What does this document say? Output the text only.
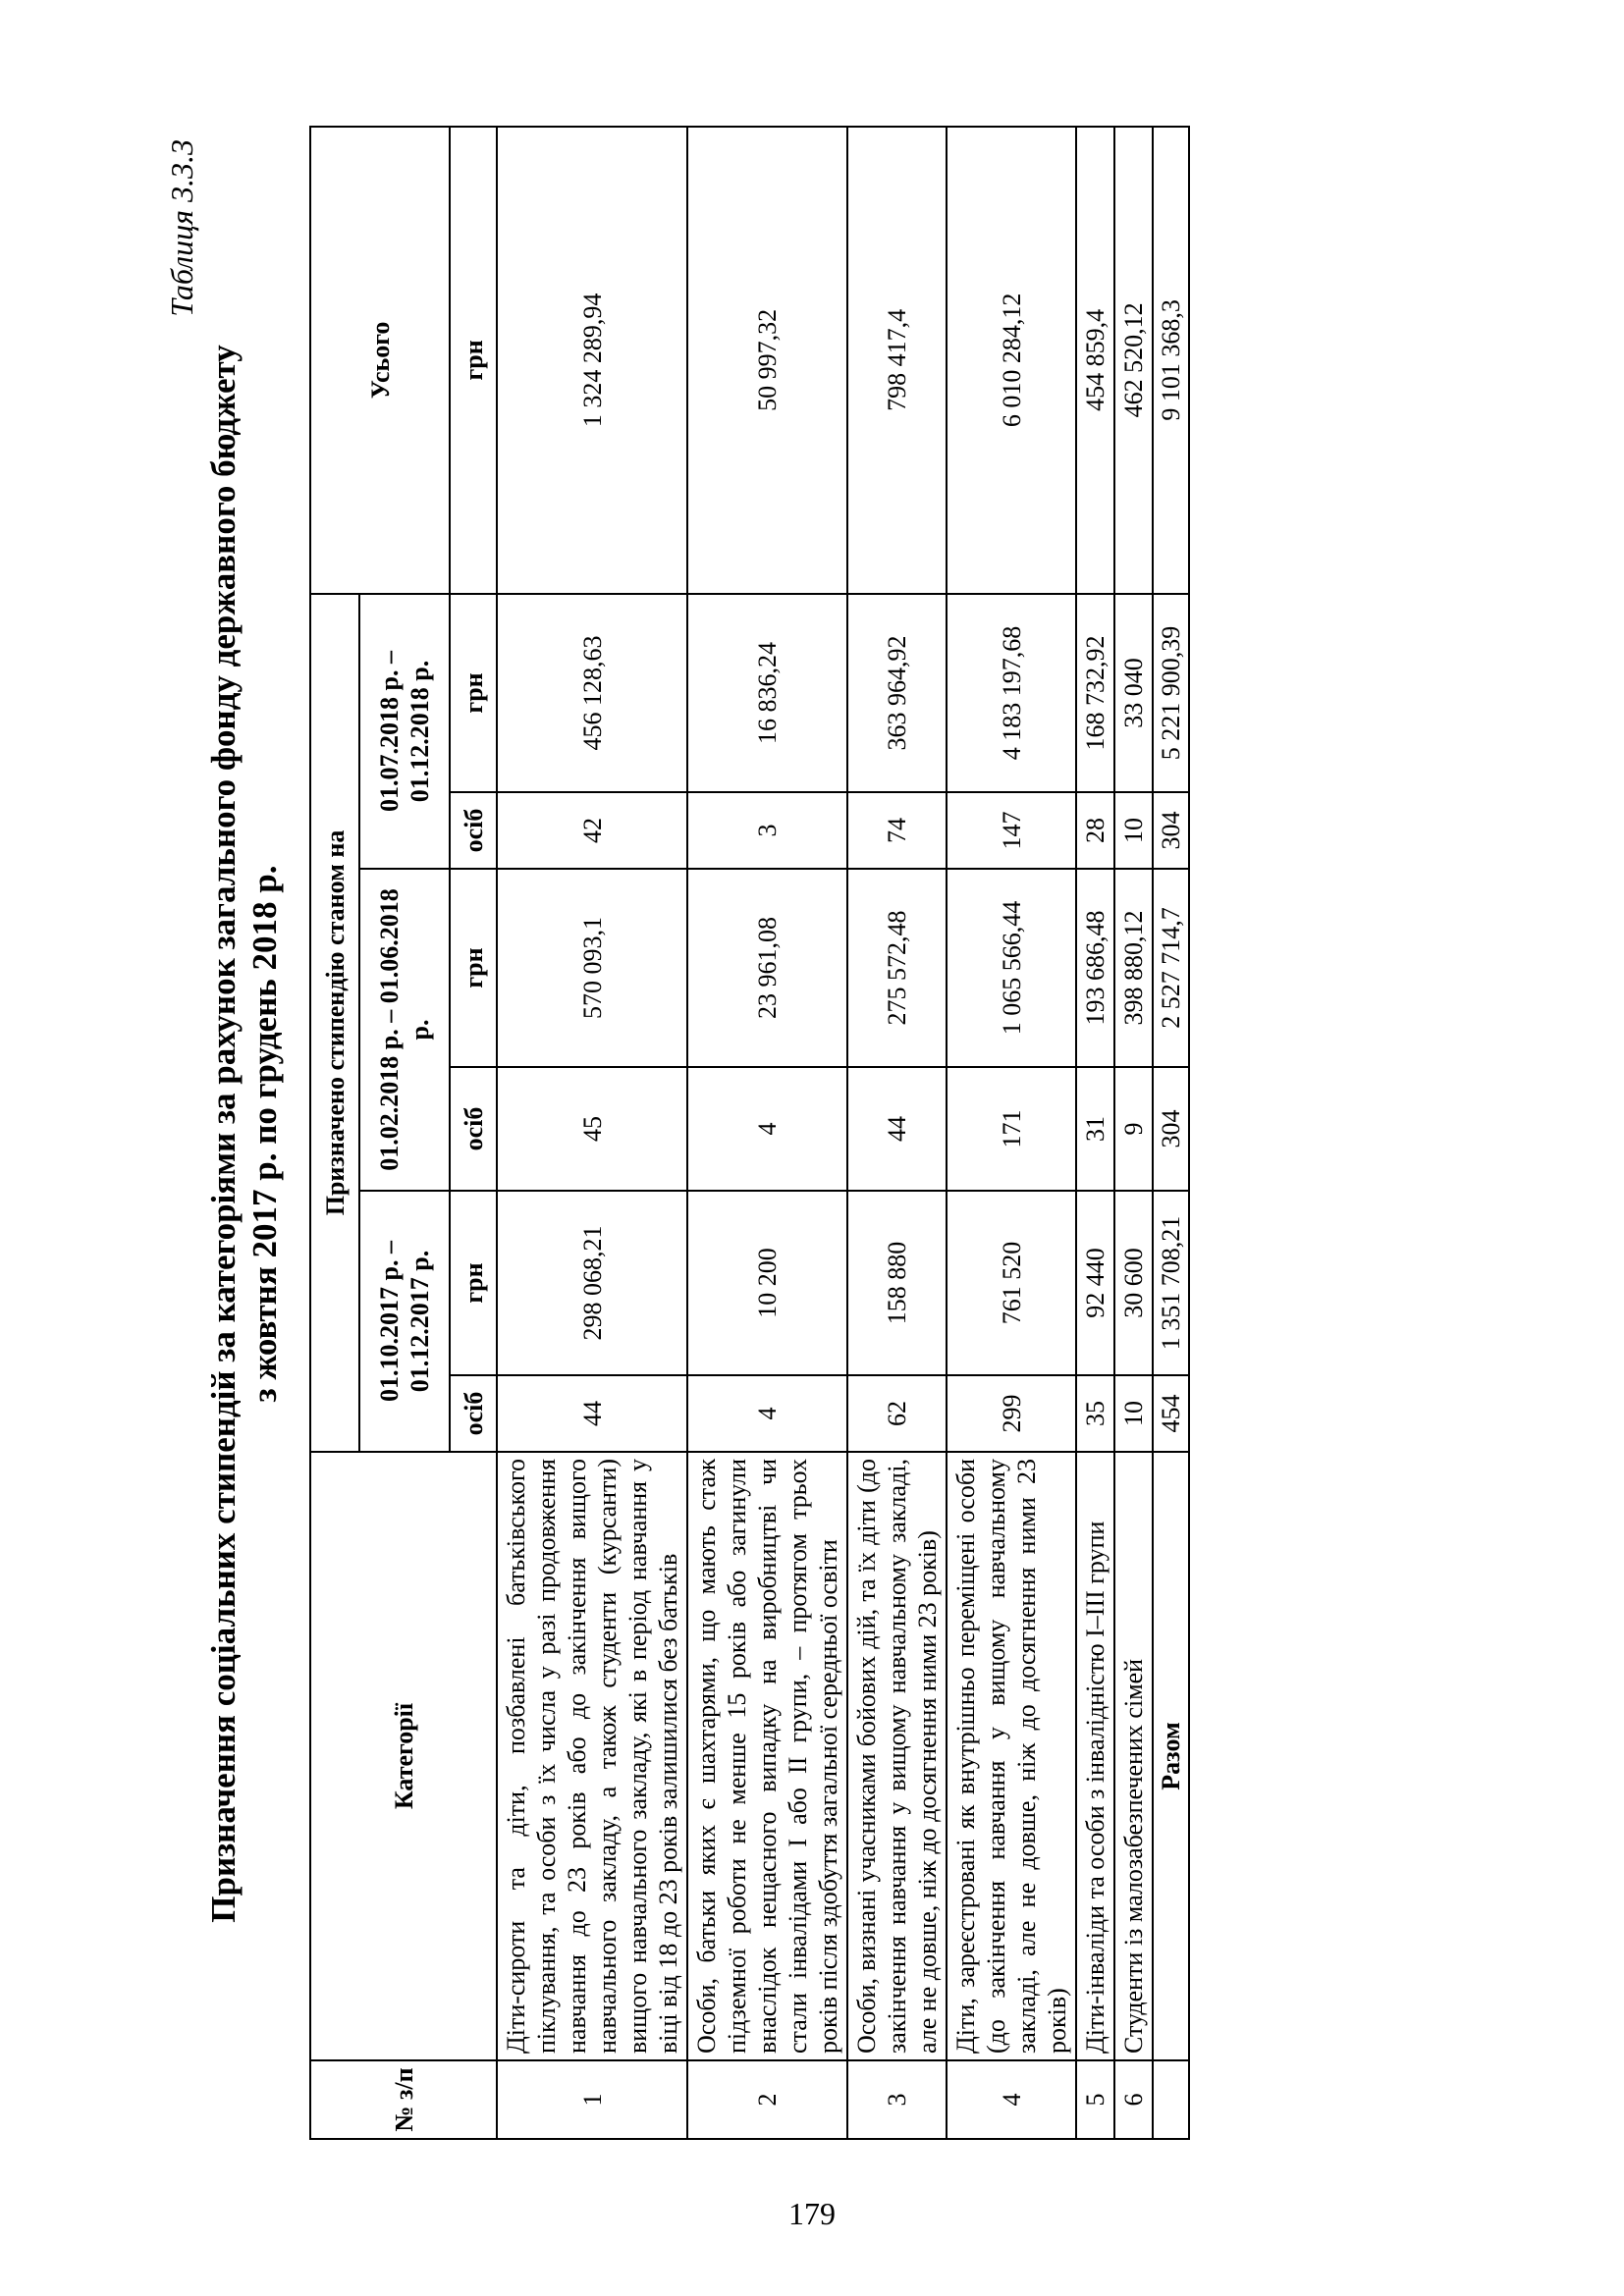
Таблиця 3.3.3
Призначення соціальних стипендій за категоріями за рахунок загального фонду державного бюджету з жовтня 2017 р. по грудень 2018 р.
№ з/п	Категорії	Призначено стипендію станом на						Усього
		01.10.2017 р. – 01.12.2017 р.		01.02.2018 р. – 01.06.2018 р.		01.07.2018 р. – 01.12.2018 р.		
		осіб	грн	осіб	грн	осіб	грн	грн
1	Діти-сироти та діти, позбавлені батьківського піклування, та особи з їх числа у разі продовження навчання до 23 років або до закінчення вищого навчального закладу, а також студенти (курсанти) вищого навчального закладу, які в період навчання у віці від 18 до 23 років залишилися без батьків	44	298 068,21	45	570 093,1	42	456 128,63	1 324 289,94
2	Особи, батьки яких є шахтарями, що мають стаж підземної роботи не менше 15 років або загинули внаслідок нещасного випадку на виробництві чи стали інвалідами І або ІІ групи, – протягом трьох років після здобуття загальної середньої освіти	4	10 200	4	23 961,08	3	16 836,24	50 997,32
3	Особи, визнані учасниками бойових дій, та їх діти (до закінчення навчання у вищому навчальному закладі, але не довше, ніж до досягнення ними 23 років)	62	158 880	44	275 572,48	74	363 964,92	798 417,4
4	Діти, зареєстровані як внутрішньо переміщені особи (до закінчення навчання у вищому навчальному закладі, але не довше, ніж до досягнення ними 23 років)	299	761 520	171	1 065 566,44	147	4 183 197,68	6 010 284,12
5	Діти-інваліди та особи з інвалідністю І–ІІІ групи	35	92 440	31	193 686,48	28	168 732,92	454 859,4
6	Студенти із малозабезпечених сімей	10	30 600	9	398 880,12	10	33 040	462 520,12
	Разом	454	1 351 708,21	304	2 527 714,7	304	5 221 900,39	9 101 368,3
179
